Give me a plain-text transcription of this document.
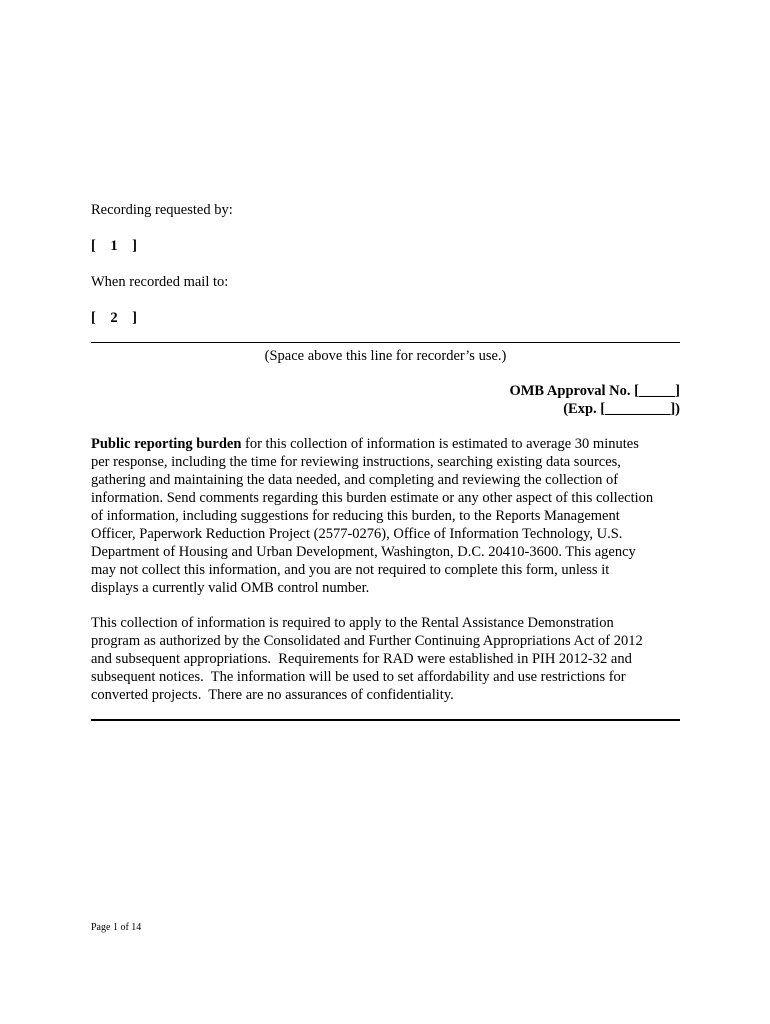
Recording requested by:
[    1    ]
When recorded mail to:
[    2    ]
(Space above this line for recorder’s use.)
OMB Approval No. [_____]
(Exp. [_________])
Public reporting burden for this collection of information is estimated to average 30 minutes
per response, including the time for reviewing instructions, searching existing data sources,
gathering and maintaining the data needed, and completing and reviewing the collection of
information. Send comments regarding this burden estimate or any other aspect of this collection
of information, including suggestions for reducing this burden, to the Reports Management
Officer, Paperwork Reduction Project (2577-0276), Office of Information Technology, U.S.
Department of Housing and Urban Development, Washington, D.C. 20410-3600. This agency
may not collect this information, and you are not required to complete this form, unless it
displays a currently valid OMB control number.
This collection of information is required to apply to the Rental Assistance Demonstration
program as authorized by the Consolidated and Further Continuing Appropriations Act of 2012
and subsequent appropriations.  Requirements for RAD were established in PIH 2012-32 and
subsequent notices.  The information will be used to set affordability and use restrictions for
converted projects.  There are no assurances of confidentiality.
Page 1 of 14
